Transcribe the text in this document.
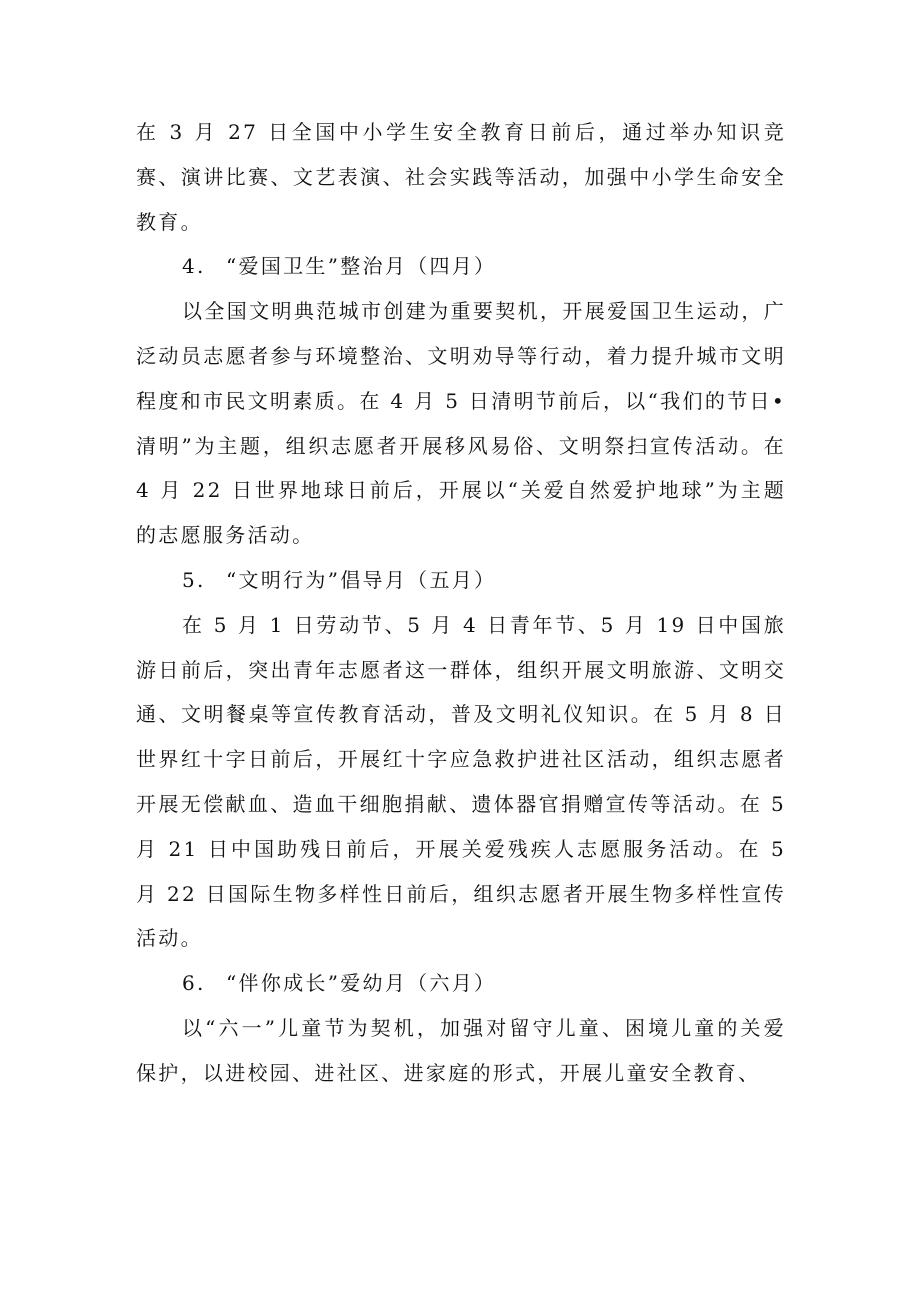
在 3 月 27 日全国中小学生安全教育日前后，通过举办知识竞赛、演讲比赛、文艺表演、社会实践等活动，加强中小学生命安全教育。

4. “爱国卫生”整治月（四月）

以全国文明典范城市创建为重要契机，开展爱国卫生运动，广泛动员志愿者参与环境整治、文明劝导等行动，着力提升城市文明程度和市民文明素质。在 4 月 5 日清明节前后，以“我们的节日•清明”为主题，组织志愿者开展移风易俗、文明祭扫宣传活动。在 4 月 22 日世界地球日前后，开展以“关爱自然爱护地球”为主题的志愿服务活动。

5. “文明行为”倡导月（五月）

在 5 月 1 日劳动节、5 月 4 日青年节、5 月 19 日中国旅游日前后，突出青年志愿者这一群体，组织开展文明旅游、文明交通、文明餐桌等宣传教育活动，普及文明礼仪知识。在 5 月 8 日世界红十字日前后，开展红十字应急救护进社区活动，组织志愿者开展无偿献血、造血干细胞捐献、遗体器官捐赠宣传等活动。在 5 月 21 日中国助残日前后，开展关爱残疾人志愿服务活动。在 5 月 22 日国际生物多样性日前后，组织志愿者开展生物多样性宣传活动。

6. “伴你成长”爱幼月（六月）

以“六一”儿童节为契机，加强对留守儿童、困境儿童的关爱保护，以进校园、进社区、进家庭的形式，开展儿童安全教育、
